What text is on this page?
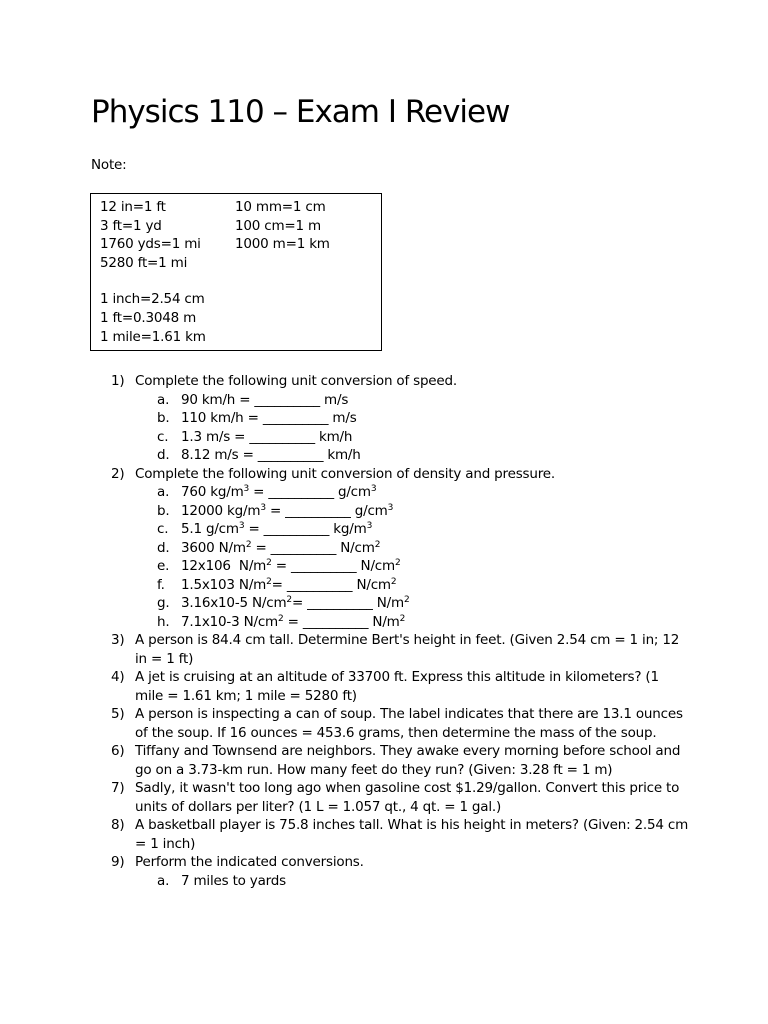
Physics 110 – Exam I Review
Note:
12 in=1 ft
3 ft=1 yd
1760 yds=1 mi
5280 ft=1 mi
10 mm=1 cm
100 cm=1 m
1000 m=1 km
1 inch=2.54 cm
1 ft=0.3048 m
1 mile=1.61 km
1) Complete the following unit conversion of speed.
a. 90 km/h = __________ m/s
b. 110 km/h = __________ m/s
c. 1.3 m/s = __________ km/h
d. 8.12 m/s = __________ km/h
2) Complete the following unit conversion of density and pressure.
a. 760 $kg/m^3$ = __________ $g/cm^3$
b. 12000 $kg/m^3$ = __________ $g/cm^3$
c. 5.1 $g/cm^3$ = __________ $kg/m^3$
d. 3600 $N/m^2$ = __________ $N/cm^2$
e. 12x106  $N/m^2$ = __________ $N/cm^2$
f. 1.5x103 $N/m^2=$ __________ $N/cm^2$
g. 3.16x10-5 $N/cm^2=$ __________ $N/m^2$
h. 7.1x10-3 $N/cm^2$ = __________ $N/m^2$
3) A person is 84.4 cm tall. Determine Bert's height in feet. (Given 2.54 cm = 1 in; 12 in = 1 ft)
4) A jet is cruising at an altitude of 33700 ft. Express this altitude in kilometers? (1 mile = 1.61 km; 1 mile = 5280 ft)
5) A person is inspecting a can of soup. The label indicates that there are 13.1 ounces of the soup. If 16 ounces = 453.6 grams, then determine the mass of the soup.
6) Tiffany and Townsend are neighbors. They awake every morning before school and go on a 3.73-km run. How many feet do they run? (Given: 3.28 ft = 1 m)
7) Sadly, it wasn't too long ago when gasoline cost $1.29/gallon. Convert this price to units of dollars per liter? (1 L = 1.057 qt., 4 qt. = 1 gal.)
8) A basketball player is 75.8 inches tall. What is his height in meters? (Given: 2.54 cm = 1 inch)
9) Perform the indicated conversions.
a. 7 miles to yards
